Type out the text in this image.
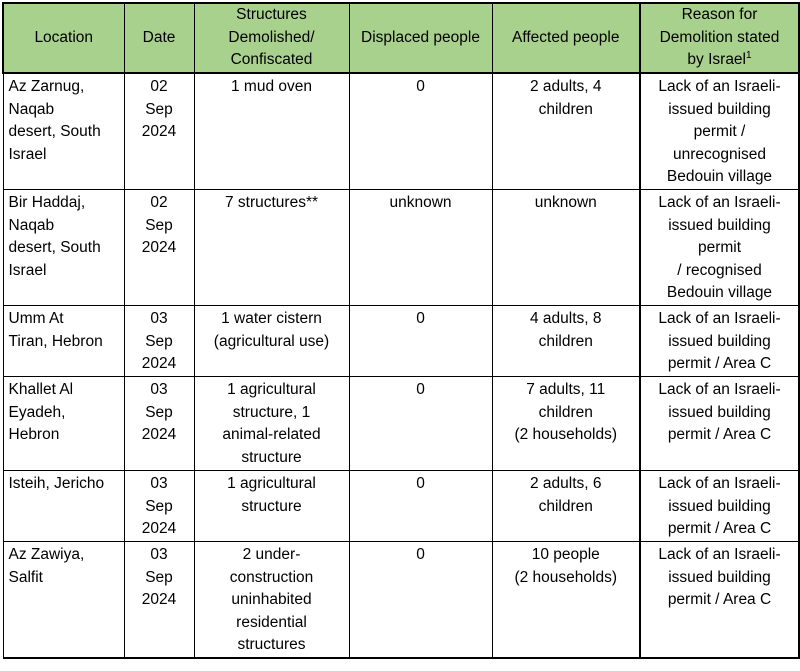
Location	Date	Structures
Demolished/
Confiscated	Displaced people	Affected people	Reason for
Demolition stated
by Israel$^1$

Az Zarnug,
Naqab
desert, South
Israel	02
Sep
2024	1 mud oven	0	2 adults, 4
children	Lack of an Israeli-
issued building
permit /
unrecognised
Bedouin village

Bir Haddaj,
Naqab
desert, South
Israel	02
Sep
2024	7 structures**	unknown	unknown	Lack of an Israeli-
issued building
permit
/ recognised
Bedouin village

Umm At
Tiran, Hebron	03
Sep
2024	1 water cistern
(agricultural use)	0	4 adults, 8
children	Lack of an Israeli-
issued building
permit / Area C

Khallet Al
Eyadeh,
Hebron	03
Sep
2024	1 agricultural
structure, 1
animal-related
structure	0	7 adults, 11
children
(2 households)	Lack of an Israeli-
issued building
permit / Area C

Isteih, Jericho	03
Sep
2024	1 agricultural
structure	0	2 adults, 6
children	Lack of an Israeli-
issued building
permit / Area C

Az Zawiya,
Salfit	03
Sep
2024	2 under-
construction
uninhabited
residential
structures	0	10 people
(2 households)	Lack of an Israeli-
issued building
permit / Area C
